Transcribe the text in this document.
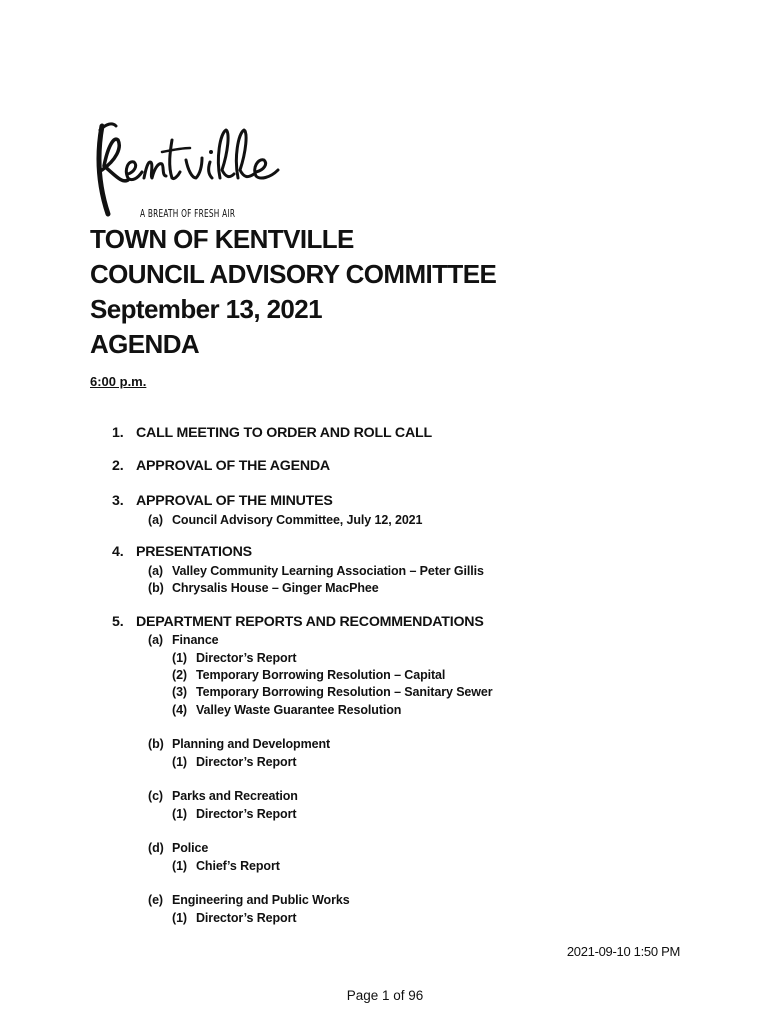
A BREATH OF FRESH AIR
TOWN OF KENTVILLE
COUNCIL ADVISORY COMMITTEE
September 13, 2021
AGENDA
6:00 p.m.
1. CALL MEETING TO ORDER AND ROLL CALL
2. APPROVAL OF THE AGENDA
3. APPROVAL OF THE MINUTES
(a) Council Advisory Committee, July 12, 2021
4. PRESENTATIONS
(a) Valley Community Learning Association – Peter Gillis
(b) Chrysalis House – Ginger MacPhee
5. DEPARTMENT REPORTS AND RECOMMENDATIONS
(a) Finance
(1) Director’s Report
(2) Temporary Borrowing Resolution – Capital
(3) Temporary Borrowing Resolution – Sanitary Sewer
(4) Valley Waste Guarantee Resolution
(b) Planning and Development
(1) Director’s Report
(c) Parks and Recreation
(1) Director’s Report
(d) Police
(1) Chief’s Report
(e) Engineering and Public Works
(1) Director’s Report
2021-09-10 1:50 PM
Page 1 of 96
